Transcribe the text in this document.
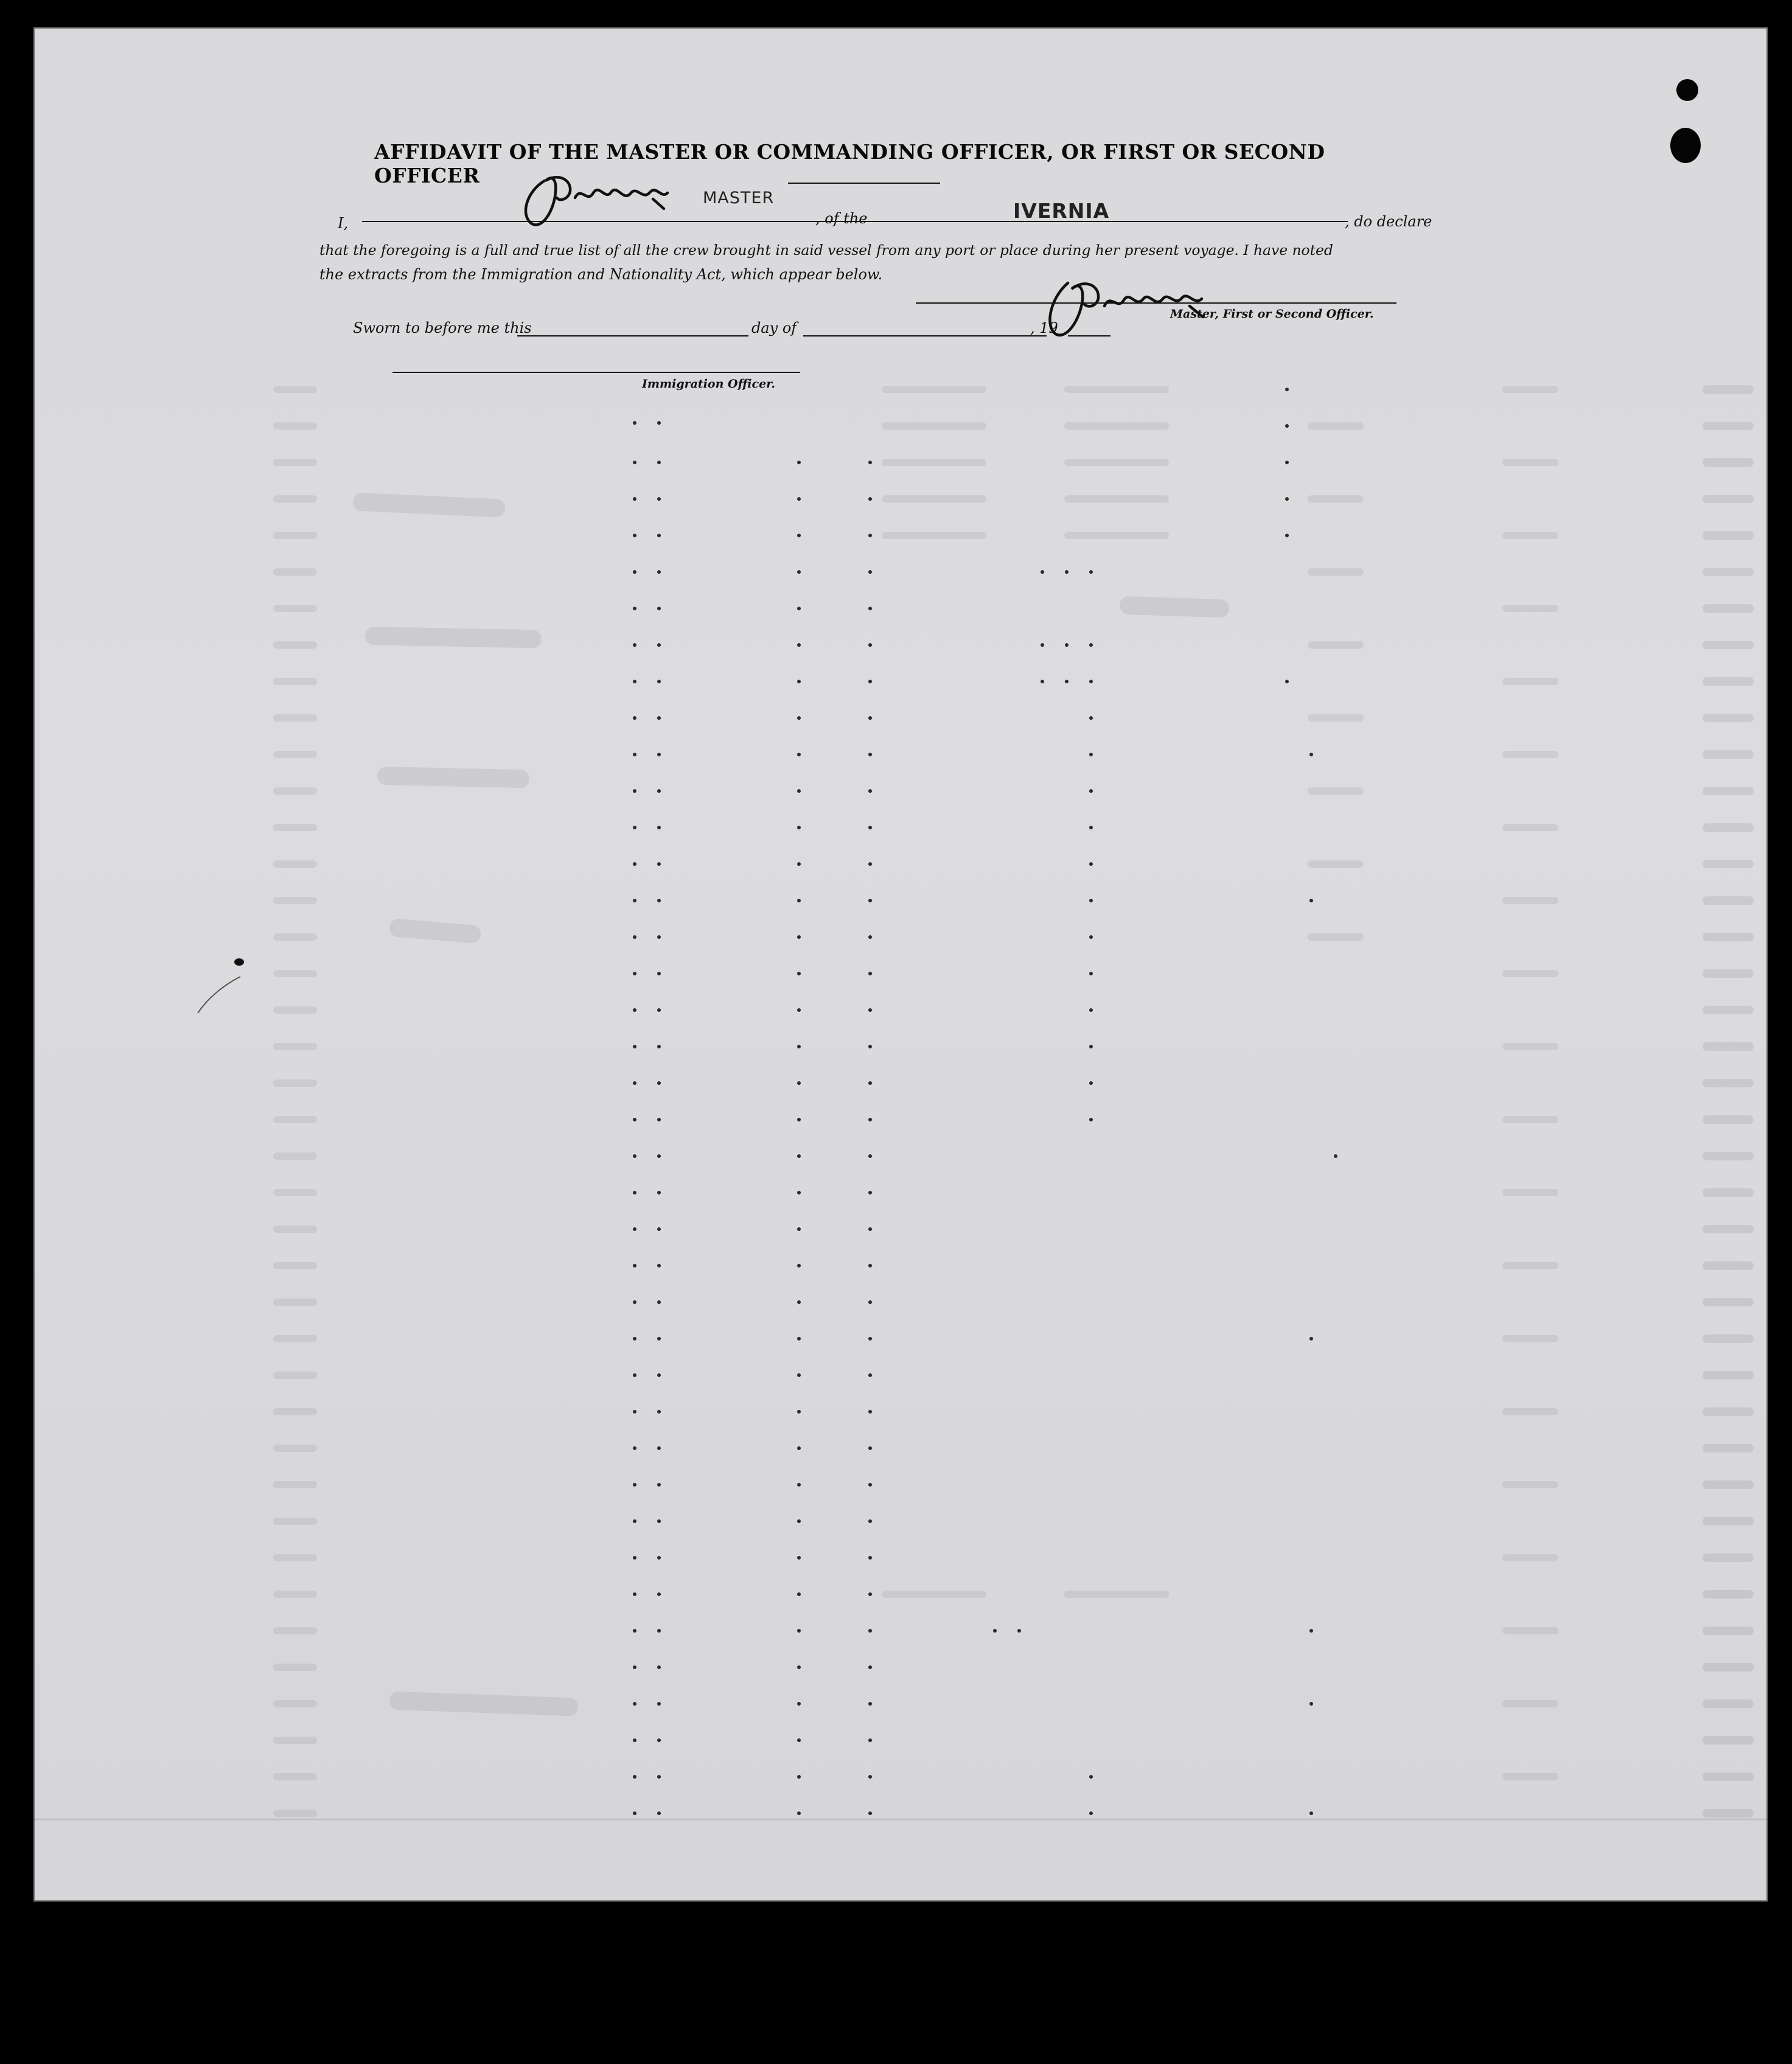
AFFIDAVIT OF THE MASTER OR COMMANDING OFFICER, OR FIRST OR SECOND OFFICER
I,
MASTER
, of the	IVERNIA	, do declare
that the foregoing is a full and true list of all the crew brought in said vessel from any port or place during her present voyage. I have noted
the extracts from the Immigration and Nationality Act, which appear below.
Master, First or Second Officer.
Sworn to before me this	day of	, 19
Immigration Officer.
